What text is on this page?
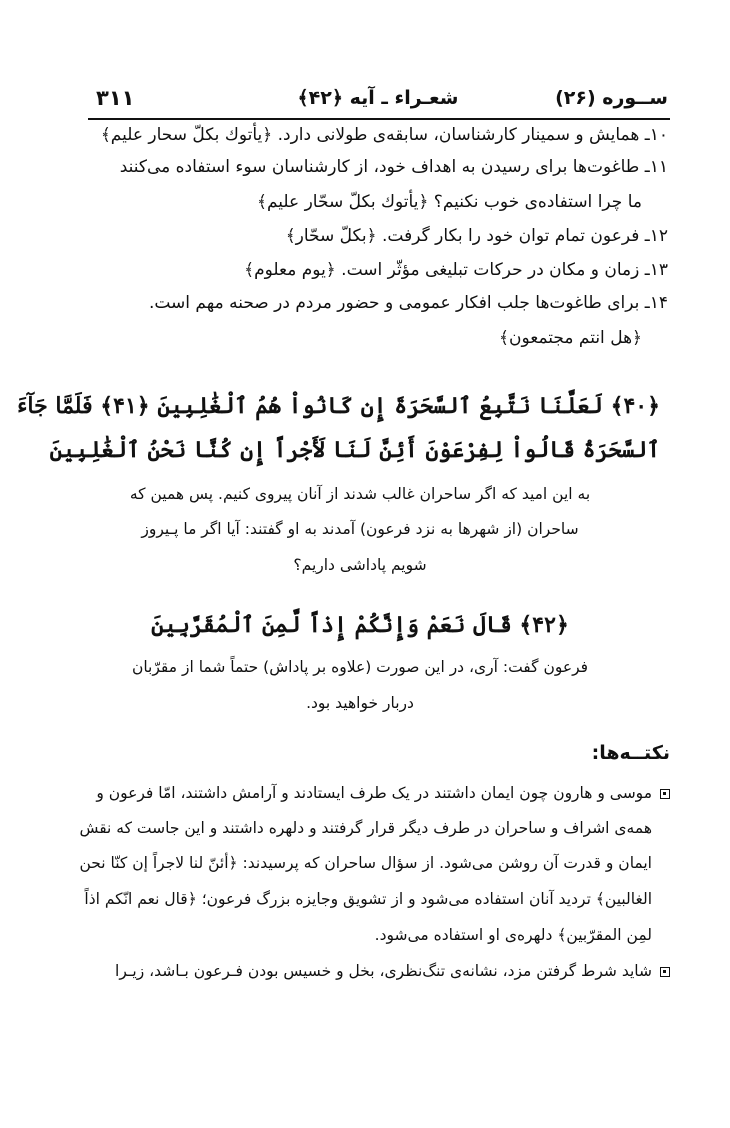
۳۱۱	شعـراء ـ آیه ﴿۴۲﴾	ســوره (۲۶)
۱۰ـ همایش و سمینار کارشناسان، سابقه‌ی طولانی دارد. ﴿یأتوك بکلّ سحار علیم﴾
۱۱ـ طاغوت‌ها برای رسیدن به اهداف خود، از کارشناسان سوء استفاده می‌کنند
ما چرا استفاده‌ی خوب نکنیم؟ ﴿یأتوك بکلّ سحّار علیم﴾
۱۲ـ فرعون تمام توان خود را بکار گرفت. ﴿بکلّ سحّار﴾
۱۳ـ زمان و مکان در حرکات تبلیغی مؤثّر است. ﴿یوم معلوم﴾
۱۴ـ برای طاغوت‌ها جلب افکار عمومی و حضور مردم در صحنه مهم است.
﴿هل انتم مجتمعون﴾
﴿۴۰﴾ لَعَلَّنَا نَتَّبِعُ ٱلسَّحَرَةَ إِن كَانُواْ هُمُ ٱلْغَٰلِبِينَ ﴿۴۱﴾ فَلَمَّا جَآءَ
ٱلسَّحَرَةُ قَالُواْ لِفِرْعَوْنَ أَئِنَّ لَنَا لَأَجْراً إِن كُنَّا نَحْنُ ٱلْغَٰلِبِينَ
به این امید که اگر ساحران غالب شدند از آنان پیروی کنیم. پس همین که
ساحران (از شهرها به نزد فرعون) آمدند به او گفتند: آیا اگر ما پـیروز
شویم پاداشی داریم؟
﴿۴۲﴾ قَالَ نَعَمْ وَإِنَّكُمْ إِذاً لَّمِنَ ٱلْمُقَرَّبِينَ
فرعون گفت: آری، در این صورت (علاوه بر پاداش) حتماً شما از مقرّبان
دربار خواهید بود.
نکتــه‌ها:
موسی و هارون چون ایمان داشتند در یک طرف ایستادند و آرامش داشتند، امّا فرعون و
همه‌ی اشراف و ساحران در طرف دیگر قرار گرفتند و دلهره داشتند و این جاست که نقش
ایمان و قدرت آن روشن می‌شود. از سؤال ساحران که پرسیدند: ﴿أئنّ لنا لاجراً إن کنّا نحن
الغالبین﴾ تردید آنان استفاده می‌شود و از تشویق وجایزه بزرگ فرعون؛ ﴿قال نعم انّکم اذاً
لمِن المقرّبین﴾ دلهره‌ی او استفاده می‌شود.
شاید شرط گرفتن مزد، نشانه‌ی تنگ‌نظری، بخل و خسیس بودن فـرعون بـاشد، زیـرا
